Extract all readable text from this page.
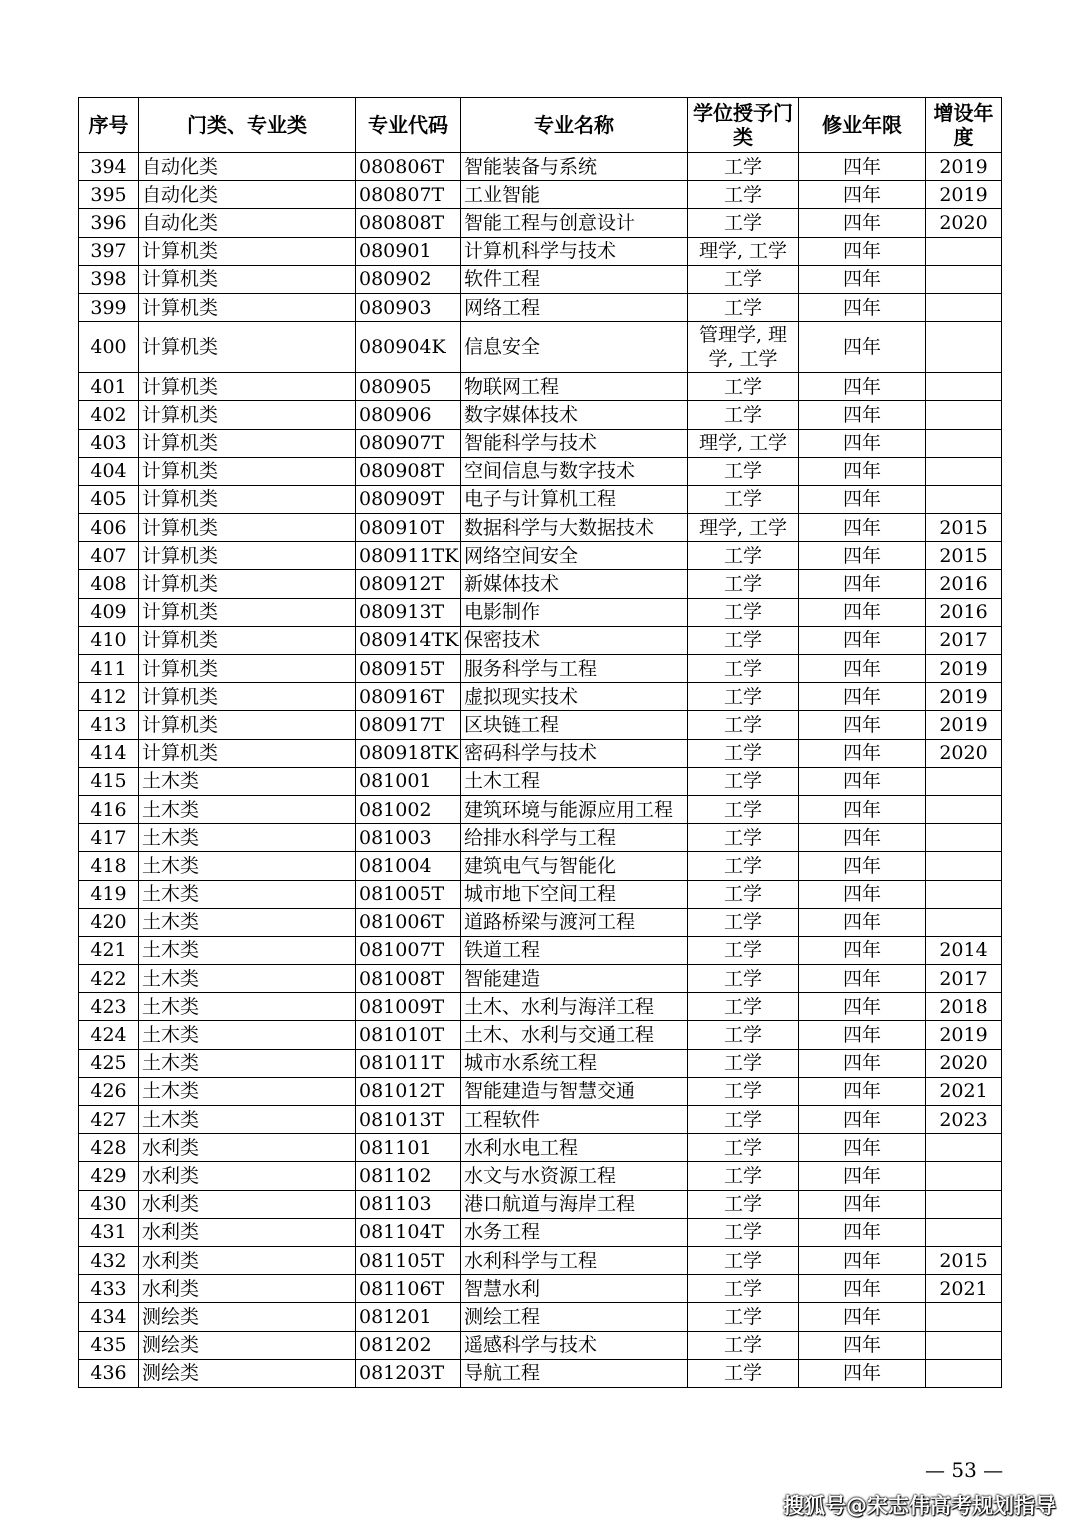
序号	门类、专业类	专业代码	专业名称	学位授予门类	修业年限	增设年度
394	自动化类	080806T	智能装备与系统	工学	四年	2019
395	自动化类	080807T	工业智能	工学	四年	2019
396	自动化类	080808T	智能工程与创意设计	工学	四年	2020
397	计算机类	080901	计算机科学与技术	理学, 工学	四年	
398	计算机类	080902	软件工程	工学	四年	
399	计算机类	080903	网络工程	工学	四年	
400	计算机类	080904K	信息安全	管理学, 理学, 工学	四年	
401	计算机类	080905	物联网工程	工学	四年	
402	计算机类	080906	数字媒体技术	工学	四年	
403	计算机类	080907T	智能科学与技术	理学, 工学	四年	
404	计算机类	080908T	空间信息与数字技术	工学	四年	
405	计算机类	080909T	电子与计算机工程	工学	四年	
406	计算机类	080910T	数据科学与大数据技术	理学, 工学	四年	2015
407	计算机类	080911TK	网络空间安全	工学	四年	2015
408	计算机类	080912T	新媒体技术	工学	四年	2016
409	计算机类	080913T	电影制作	工学	四年	2016
410	计算机类	080914TK	保密技术	工学	四年	2017
411	计算机类	080915T	服务科学与工程	工学	四年	2019
412	计算机类	080916T	虚拟现实技术	工学	四年	2019
413	计算机类	080917T	区块链工程	工学	四年	2019
414	计算机类	080918TK	密码科学与技术	工学	四年	2020
415	土木类	081001	土木工程	工学	四年	
416	土木类	081002	建筑环境与能源应用工程	工学	四年	
417	土木类	081003	给排水科学与工程	工学	四年	
418	土木类	081004	建筑电气与智能化	工学	四年	
419	土木类	081005T	城市地下空间工程	工学	四年	
420	土木类	081006T	道路桥梁与渡河工程	工学	四年	
421	土木类	081007T	铁道工程	工学	四年	2014
422	土木类	081008T	智能建造	工学	四年	2017
423	土木类	081009T	土木、水利与海洋工程	工学	四年	2018
424	土木类	081010T	土木、水利与交通工程	工学	四年	2019
425	土木类	081011T	城市水系统工程	工学	四年	2020
426	土木类	081012T	智能建造与智慧交通	工学	四年	2021
427	土木类	081013T	工程软件	工学	四年	2023
428	水利类	081101	水利水电工程	工学	四年	
429	水利类	081102	水文与水资源工程	工学	四年	
430	水利类	081103	港口航道与海岸工程	工学	四年	
431	水利类	081104T	水务工程	工学	四年	
432	水利类	081105T	水利科学与工程	工学	四年	2015
433	水利类	081106T	智慧水利	工学	四年	2021
434	测绘类	081201	测绘工程	工学	四年	
435	测绘类	081202	遥感科学与技术	工学	四年	
436	测绘类	081203T	导航工程	工学	四年	
— 53 —
搜狐号@宋志伟高考规划指导
